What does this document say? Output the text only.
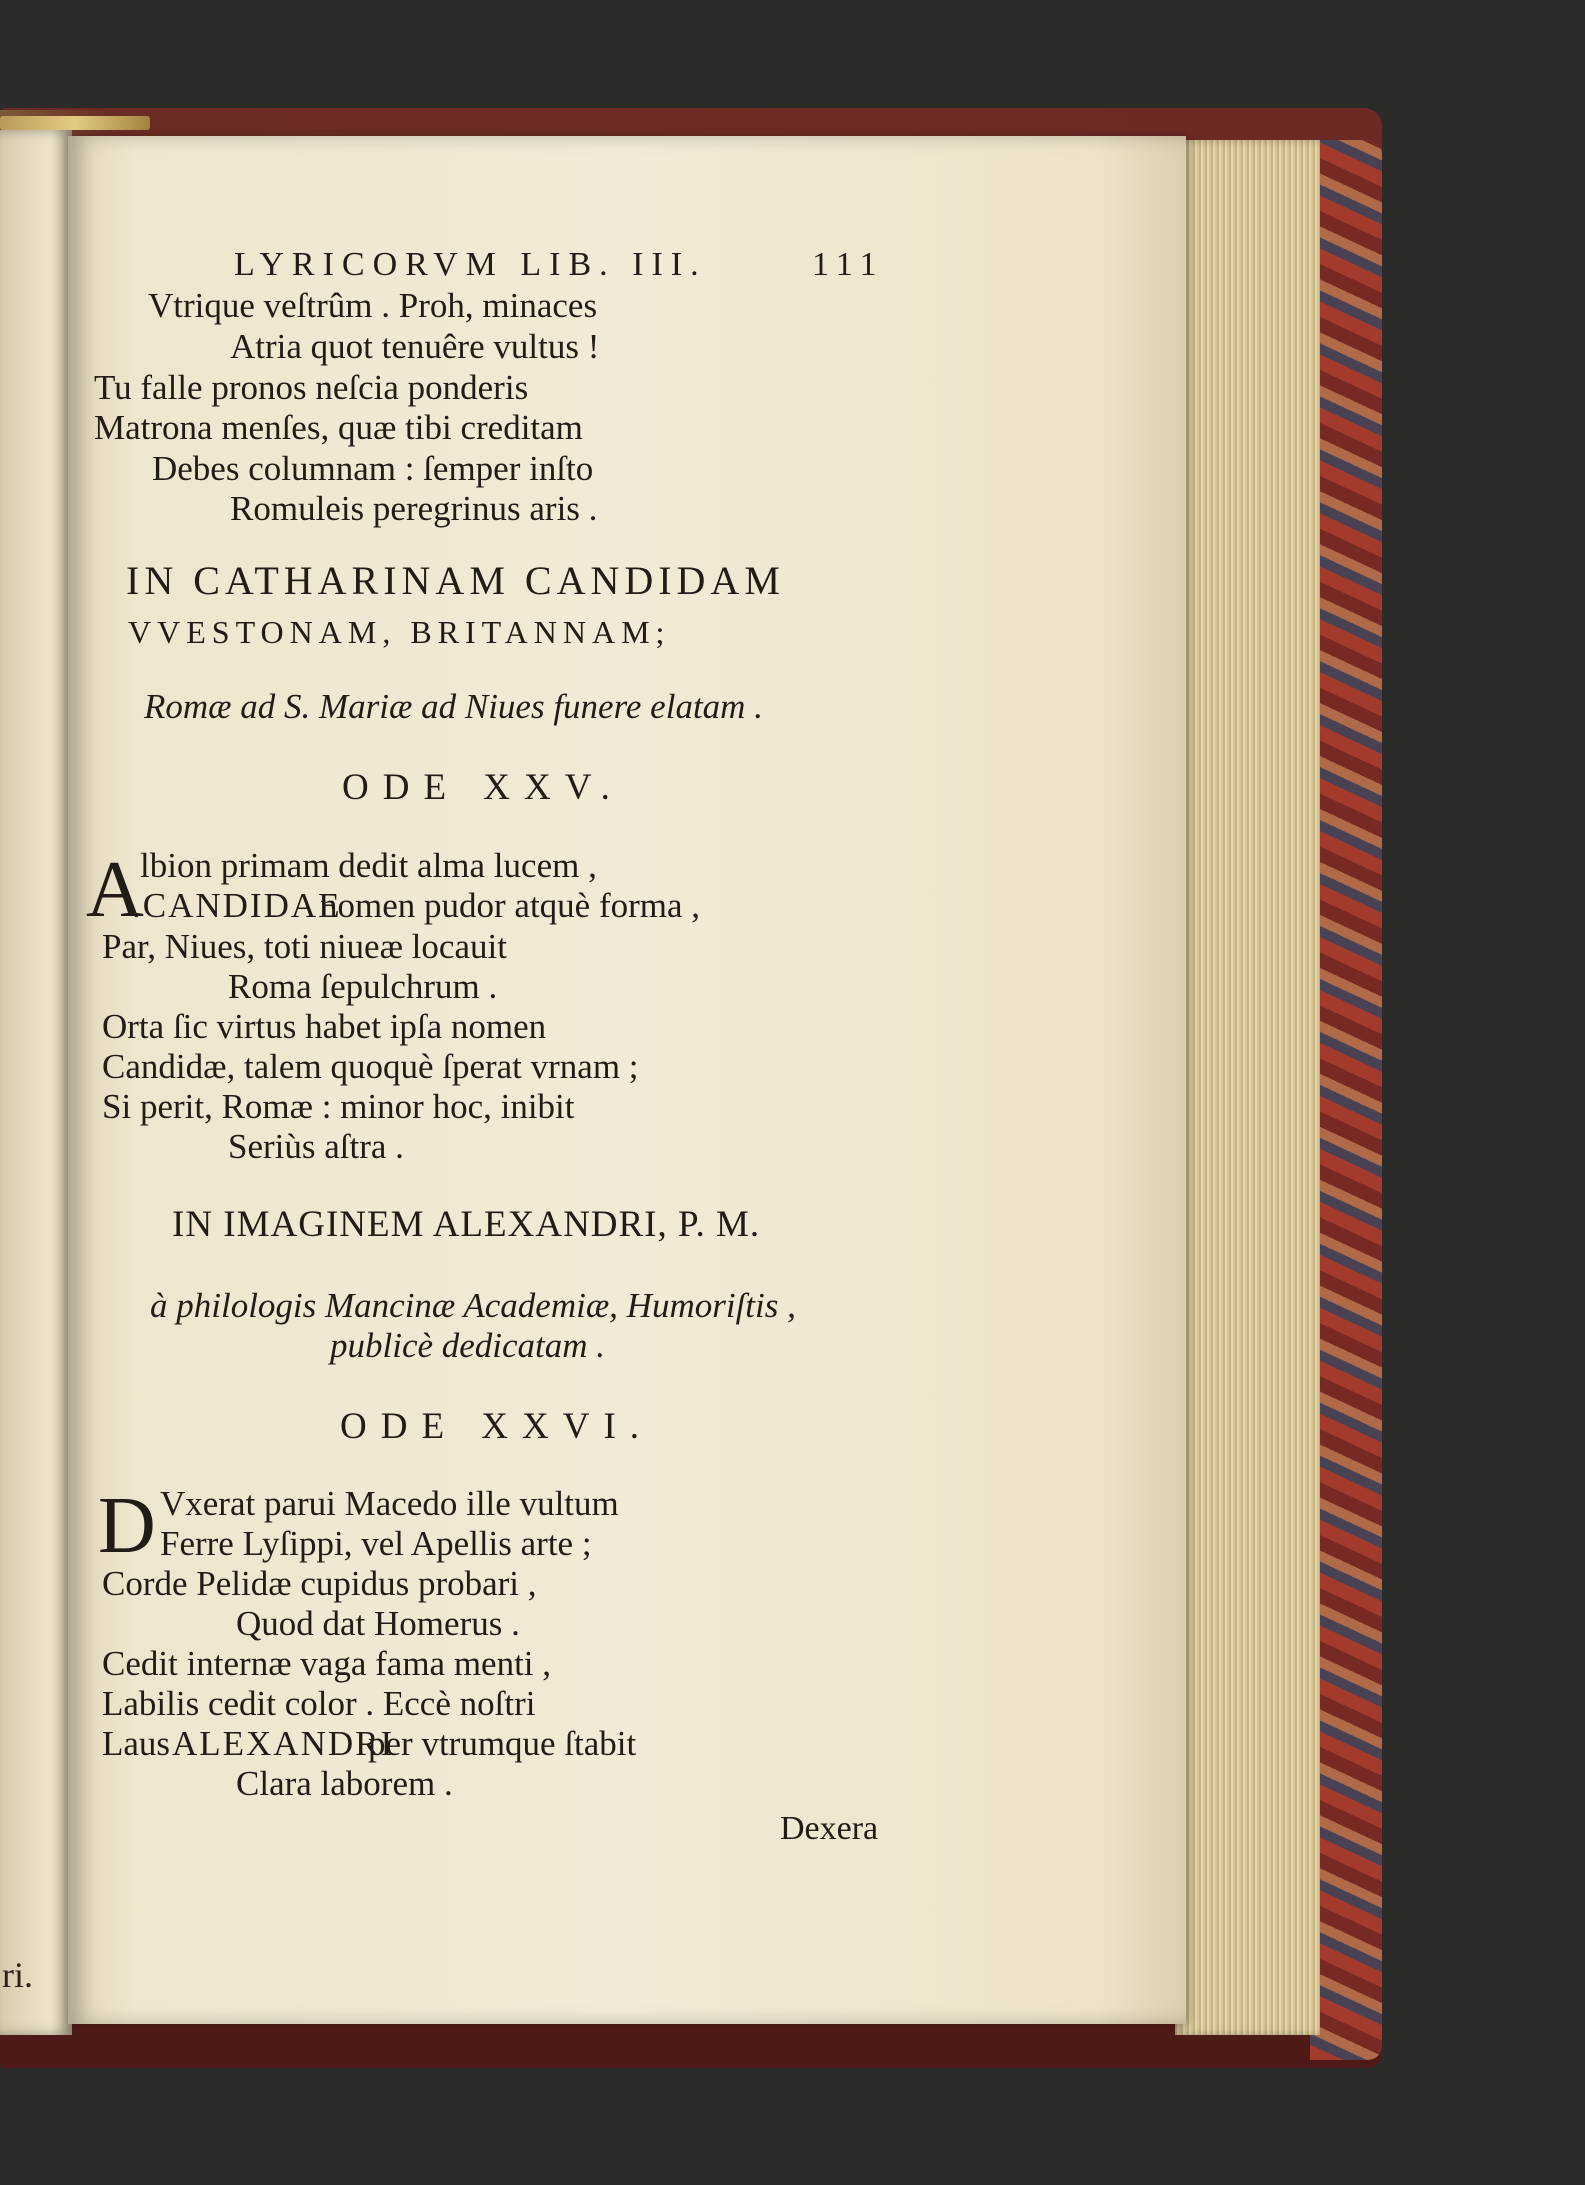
ri.
LYRICORVM LIB. III.	111
Vtrique veſtrûm . Proh, minaces
Atria quot tenuêre vultus !
Tu falle pronos neſcia ponderis
Matrona menſes, quæ tibi creditam
Debes columnam : ſemper inſto
Romuleis peregrinus aris .
IN CATHARINAM CANDIDAM
VVESTONAM, BRITANNAM;
Romæ ad S. Mariæ ad Niues funere elatam .
ODE XXV.
A
lbion primam dedit alma lucem ,
.CANDIDAE
nomen pudor atquè forma ,
Par, Niues, toti niueæ locauit
Roma ſepulchrum .
Orta ſic virtus habet ipſa nomen
Candidæ, talem quoquè ſperat vrnam ;
Si perit, Romæ : minor hoc, inibit
Seriùs aſtra .
IN IMAGINEM ALEXANDRI, P. M.
à philologis Mancinæ Academiæ, Humoriſtis ,
publicè dedicatam .
ODE XXVI.
D Vxerat parui Macedo ille vultum
Ferre Lyſippi, vel Apellis arte ;
Corde Pelidæ cupidus probari ,
Quod dat Homerus .
Cedit internæ vaga fama menti ,
Labilis cedit color . Eccè noſtri
Laus ALEXANDRI
per vtrumque ſtabit
Clara laborem .
Dexera
